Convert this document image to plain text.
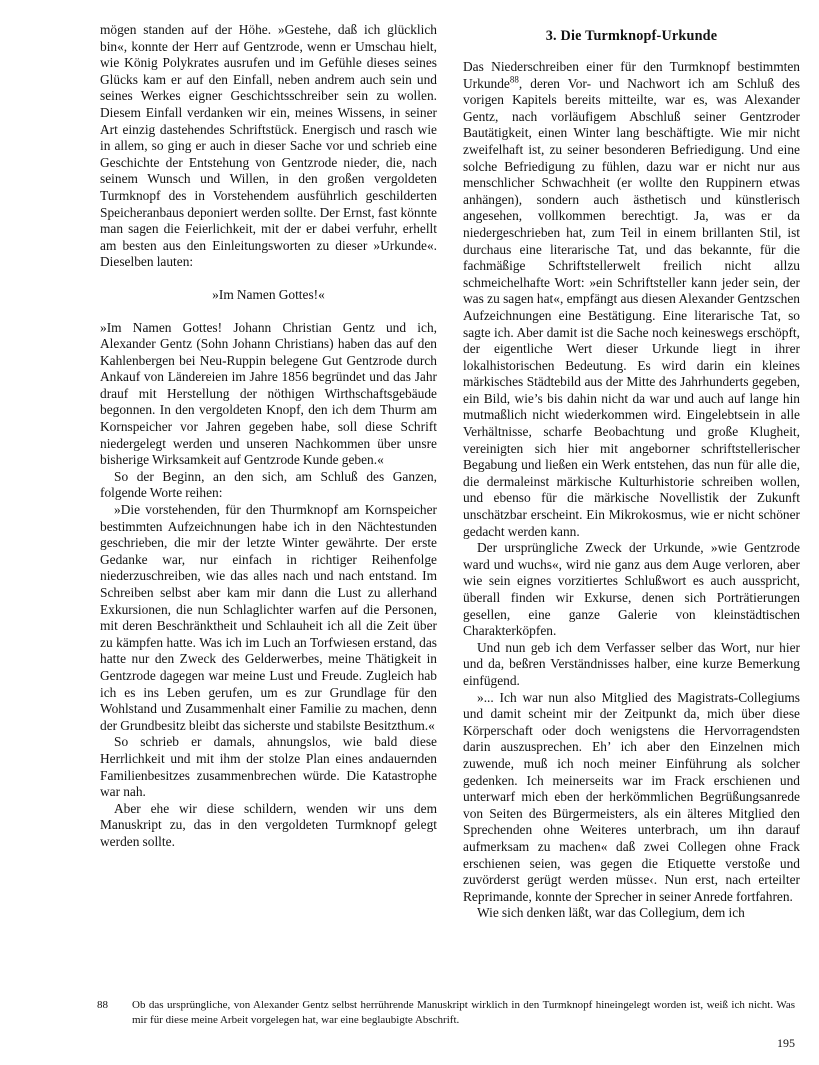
mögen standen auf der Höhe. »Gestehe, daß ich glücklich bin«, konnte der Herr auf Gentzrode, wenn er Umschau hielt, wie König Polykrates ausrufen und im Gefühle dieses seines Glücks kam er auf den Einfall, neben andrem auch sein und seines Werkes eigner Geschichtsschreiber sein zu wollen. Diesem Einfall verdanken wir ein, meines Wissens, in seiner Art einzig dastehendes Schriftstück. Energisch und rasch wie in allem, so ging er auch in dieser Sache vor und schrieb eine Geschichte der Entstehung von Gentzrode nieder, die, nach seinem Wunsch und Willen, in den großen vergoldeten Turmknopf des in Vorstehendem ausführlich geschilderten Speicheranbaus deponiert werden sollte. Der Ernst, fast könnte man sagen die Feierlichkeit, mit der er dabei verfuhr, erhellt am besten aus den Einleitungsworten zu dieser »Urkunde«. Dieselben lauten:

»Im Namen Gottes!«

»Im Namen Gottes! Johann Christian Gentz und ich, Alexander Gentz (Sohn Johann Christians) haben das auf den Kahlenbergen bei Neu-Ruppin belegene Gut Gentzrode durch Ankauf von Ländereien im Jahre 1856 begründet und das Jahr drauf mit Herstellung der nöthigen Wirthschaftsgebäude begonnen. In den vergoldeten Knopf, den ich dem Thurm am Kornspeicher vor Jahren gegeben habe, soll diese Schrift niedergelegt werden und unseren Nachkommen über unsre bisherige Wirksamkeit auf Gentzrode Kunde geben.«

So der Beginn, an den sich, am Schluß des Ganzen, folgende Worte reihen:

»Die vorstehenden, für den Thurmknopf am Kornspeicher bestimmten Aufzeichnungen habe ich in den Nächtestunden geschrieben, die mir der letzte Winter gewährte. Der erste Gedanke war, nur einfach in richtiger Reihenfolge niederzuschreiben, wie das alles nach und nach entstand. Im Schreiben selbst aber kam mir dann die Lust zu allerhand Exkursionen, die nun Schlaglichter warfen auf die Personen, mit deren Beschränktheit und Schlauheit ich all die Zeit über zu kämpfen hatte. Was ich im Luch an Torfwiesen erstand, das hatte nur den Zweck des Gelderwerbes, meine Thätigkeit in Gentzrode dagegen war meine Lust und Freude. Zugleich hab ich es ins Leben gerufen, um es zur Grundlage für den Wohlstand und Zusammenhalt einer Familie zu machen, denn der Grundbesitz bleibt das sicherste und stabilste Besitzthum.«

So schrieb er damals, ahnungslos, wie bald diese Herrlichkeit und mit ihm der stolze Plan eines andauernden Familienbesitzes zusammenbrechen würde. Die Katastrophe war nah.

Aber ehe wir diese schildern, wenden wir uns dem Manuskript zu, das in den vergoldeten Turmknopf gelegt werden sollte.

3. Die Turmknopf-Urkunde

Das Niederschreiben einer für den Turmknopf bestimmten Urkunde$^{88}$, deren Vor- und Nachwort ich am Schluß des vorigen Kapitels bereits mitteilte, war es, was Alexander Gentz, nach vorläufigem Abschluß seiner Gentzroder Bautätigkeit, einen Winter lang beschäftigte. Wie mir nicht zweifelhaft ist, zu seiner besonderen Befriedigung. Und eine solche Befriedigung zu fühlen, dazu war er nicht nur aus menschlicher Schwachheit (er wollte den Ruppinern etwas anhängen), sondern auch ästhetisch und künstlerisch angesehen, vollkommen berechtigt. Ja, was er da niedergeschrieben hat, zum Teil in einem brillanten Stil, ist durchaus eine literarische Tat, und das bekannte, für die fachmäßige Schriftstellerwelt freilich nicht allzu schmeichelhafte Wort: »ein Schriftsteller kann jeder sein, der was zu sagen hat«, empfängt aus diesen Alexander Gentzschen Aufzeichnungen eine Bestätigung. Eine literarische Tat, so sagte ich. Aber damit ist die Sache noch keineswegs erschöpft, der eigentliche Wert dieser Urkunde liegt in ihrer lokalhistorischen Bedeutung. Es wird darin ein kleines märkisches Städtebild aus der Mitte des Jahrhunderts gegeben, ein Bild, wie’s bis dahin nicht da war und auch auf lange hin mutmaßlich nicht wiederkommen wird. Eingelebtsein in alle Verhältnisse, scharfe Beobachtung und große Klugheit, vereinigten sich hier mit angeborner schriftstellerischer Begabung und ließen ein Werk entstehen, das nun für alle die, die dermaleinst märkische Kulturhistorie schreiben wollen, und ebenso für die märkische Novellistik der Zukunft unschätzbar erscheint. Ein Mikrokosmus, wie er nicht schöner gedacht werden kann.

Der ursprüngliche Zweck der Urkunde, »wie Gentzrode ward und wuchs«, wird nie ganz aus dem Auge verloren, aber wie sein eignes vorzitiertes Schlußwort es auch ausspricht, überall finden wir Exkurse, denen sich Porträtierungen gesellen, eine ganze Galerie von kleinstädtischen Charakterköpfen.

Und nun geb ich dem Verfasser selber das Wort, nur hier und da, beßren Verständnisses halber, eine kurze Bemerkung einfügend.

»... Ich war nun also Mitglied des Magistrats-Collegiums und damit scheint mir der Zeitpunkt da, mich über diese Körperschaft oder doch wenigstens die Hervorragendsten darin auszusprechen. Eh’ ich aber den Einzelnen mich zuwende, muß ich noch meiner Einführung als solcher gedenken. Ich meinerseits war im Frack erschienen und unterwarf mich eben der herkömmlichen Begrüßungsanrede von Seiten des Bürgermeisters, als ein älteres Mitglied den Sprechenden ohne Weiteres unterbrach, um ihn darauf aufmerksam zu machen« daß zwei Collegen ohne Frack erschienen seien, was gegen die Etiquette verstoße und zuvörderst gerügt werden müsse‹. Nun erst, nach erteilter Reprimande, konnte der Sprecher in seiner Anrede fortfahren.

Wie sich denken läßt, war das Collegium, dem ich

88	Ob das ursprüngliche, von Alexander Gentz selbst herrührende Manuskript wirklich in den Turmknopf hineingelegt worden ist, weiß ich nicht. Was mir für diese meine Arbeit vorgelegen hat, war eine beglaubigte Abschrift.
195
